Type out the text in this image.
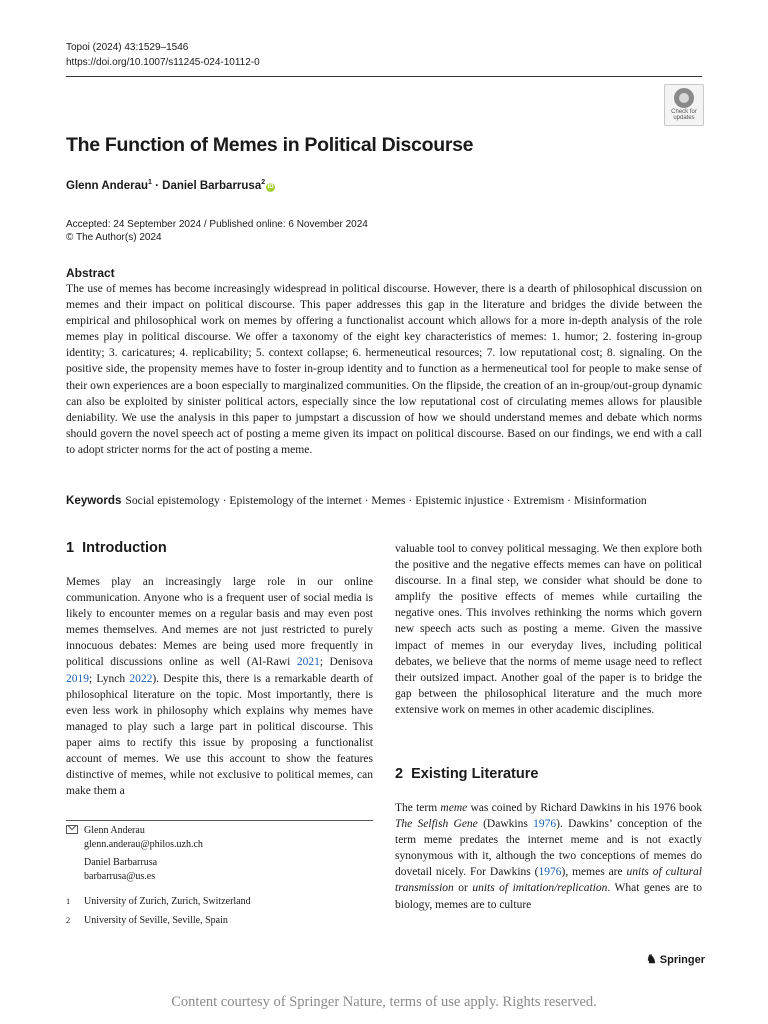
Topoi (2024) 43:1529–1546
https://doi.org/10.1007/s11245-024-10112-0
Check for
updates
The Function of Memes in Political Discourse
Glenn Anderau$^1$ · Daniel Barbarrusa$^2$iD
Accepted: 24 September 2024 / Published online: 6 November 2024
© The Author(s) 2024
Abstract
The use of memes has become increasingly widespread in political discourse. However, there is a dearth of philosophical discussion on memes and their impact on political discourse. This paper addresses this gap in the literature and bridges the divide between the empirical and philosophical work on memes by offering a functionalist account which allows for a more in-depth analysis of the role memes play in political discourse. We offer a taxonomy of the eight key characteristics of memes: 1. humor; 2. fostering in-group identity; 3. caricatures; 4. replicability; 5. context collapse; 6. hermeneutical resources; 7. low reputational cost; 8. signaling. On the positive side, the propensity memes have to foster in-group identity and to function as a hermeneutical tool for people to make sense of their own experiences are a boon especially to marginalized communities. On the flipside, the creation of an in-group/out-group dynamic can also be exploited by sinister political actors, especially since the low reputational cost of circulating memes allows for plausible deniability. We use the analysis in this paper to jumpstart a discussion of how we should understand memes and debate which norms should govern the novel speech act of posting a meme given its impact on political discourse. Based on our findings, we end with a call to adopt stricter norms for the act of posting a meme.
Keywords Social epistemology · Epistemology of the internet · Memes · Epistemic injustice · Extremism · Misinformation
1 Introduction
Memes play an increasingly large role in our online communication. Anyone who is a frequent user of social media is likely to encounter memes on a regular basis and may even post memes themselves. And memes are not just restricted to purely innocuous debates: Memes are being used more frequently in political discussions online as well (Al-Rawi 2021; Denisova 2019; Lynch 2022). Despite this, there is a remarkable dearth of philosophical literature on the topic. Most importantly, there is even less work in philosophy which explains why memes have managed to play such a large part in political discourse. This paper aims to rectify this issue by proposing a functionalist account of memes. We use this account to show the features distinctive of memes, while not exclusive to political memes, can make them a
Glenn Anderau
glenn.anderau@philos.uzh.ch
Daniel Barbarrusa
barbarrusa@us.es
$^1$ University of Zurich, Zurich, Switzerland
$^2$ University of Seville, Seville, Spain
valuable tool to convey political messaging. We then explore both the positive and the negative effects memes can have on political discourse. In a final step, we consider what should be done to amplify the positive effects of memes while curtailing the negative ones. This involves rethinking the norms which govern new speech acts such as posting a meme. Given the massive impact of memes in our everyday lives, including political debates, we believe that the norms of meme usage need to reflect their outsized impact. Another goal of the paper is to bridge the gap between the philosophical literature and the much more extensive work on memes in other academic disciplines.
2 Existing Literature
The term meme was coined by Richard Dawkins in his 1976 book The Selfish Gene (Dawkins 1976). Dawkins’ conception of the term meme predates the internet meme and is not exactly synonymous with it, although the two conceptions of memes do dovetail nicely. For Dawkins (1976), memes are units of cultural transmission or units of imitation/replication. What genes are to biology, memes are to culture
♞ Springer
Content courtesy of Springer Nature, terms of use apply. Rights reserved.
